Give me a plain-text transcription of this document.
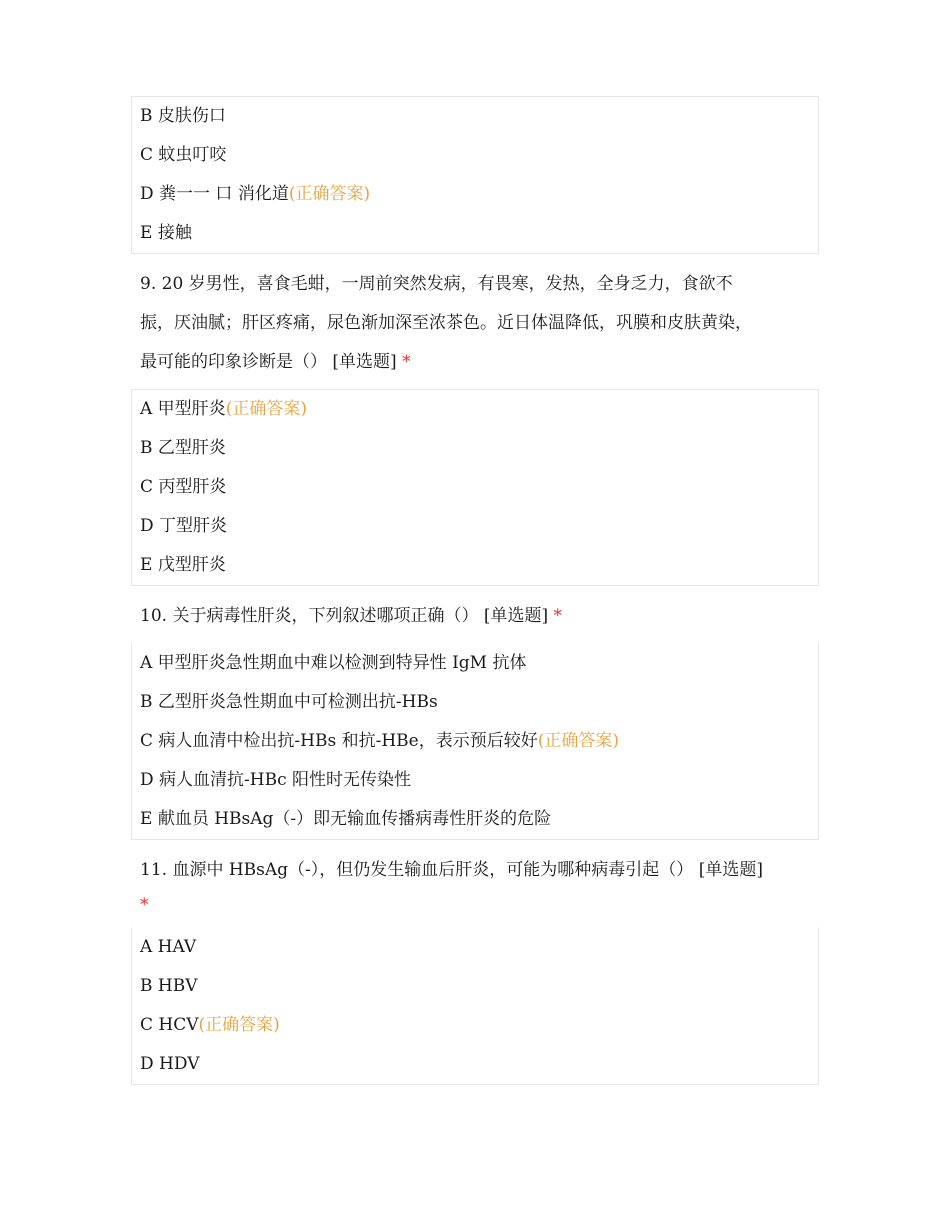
B 皮肤伤口
C 蚊虫叮咬
D 粪一一 口 消化道(正确答案)
E 接触
9. 20 岁男性，喜食毛蚶，一周前突然发病，有畏寒，发热，全身乏力，食欲不
振，厌油腻；肝区疼痛，尿色渐加深至浓茶色。近日体温降低，巩膜和皮肤黄染，
最可能的印象诊断是（） [单选题] *
A 甲型肝炎(正确答案)
B 乙型肝炎
C 丙型肝炎
D 丁型肝炎
E 戊型肝炎
10. 关于病毒性肝炎，下列叙述哪项正确（） [单选题] *
A 甲型肝炎急性期血中难以检测到特异性 IgM 抗体
B 乙型肝炎急性期血中可检测出抗-HBs
C 病人血清中检出抗-HBs 和抗-HBe，表示预后较好(正确答案)
D 病人血清抗-HBc 阳性时无传染性
E 献血员 HBsAg（-）即无输血传播病毒性肝炎的危险
11. 血源中 HBsAg（-），但仍发生输血后肝炎，可能为哪种病毒引起（） [单选题]
*
A HAV
B HBV
C HCV(正确答案)
D HDV
